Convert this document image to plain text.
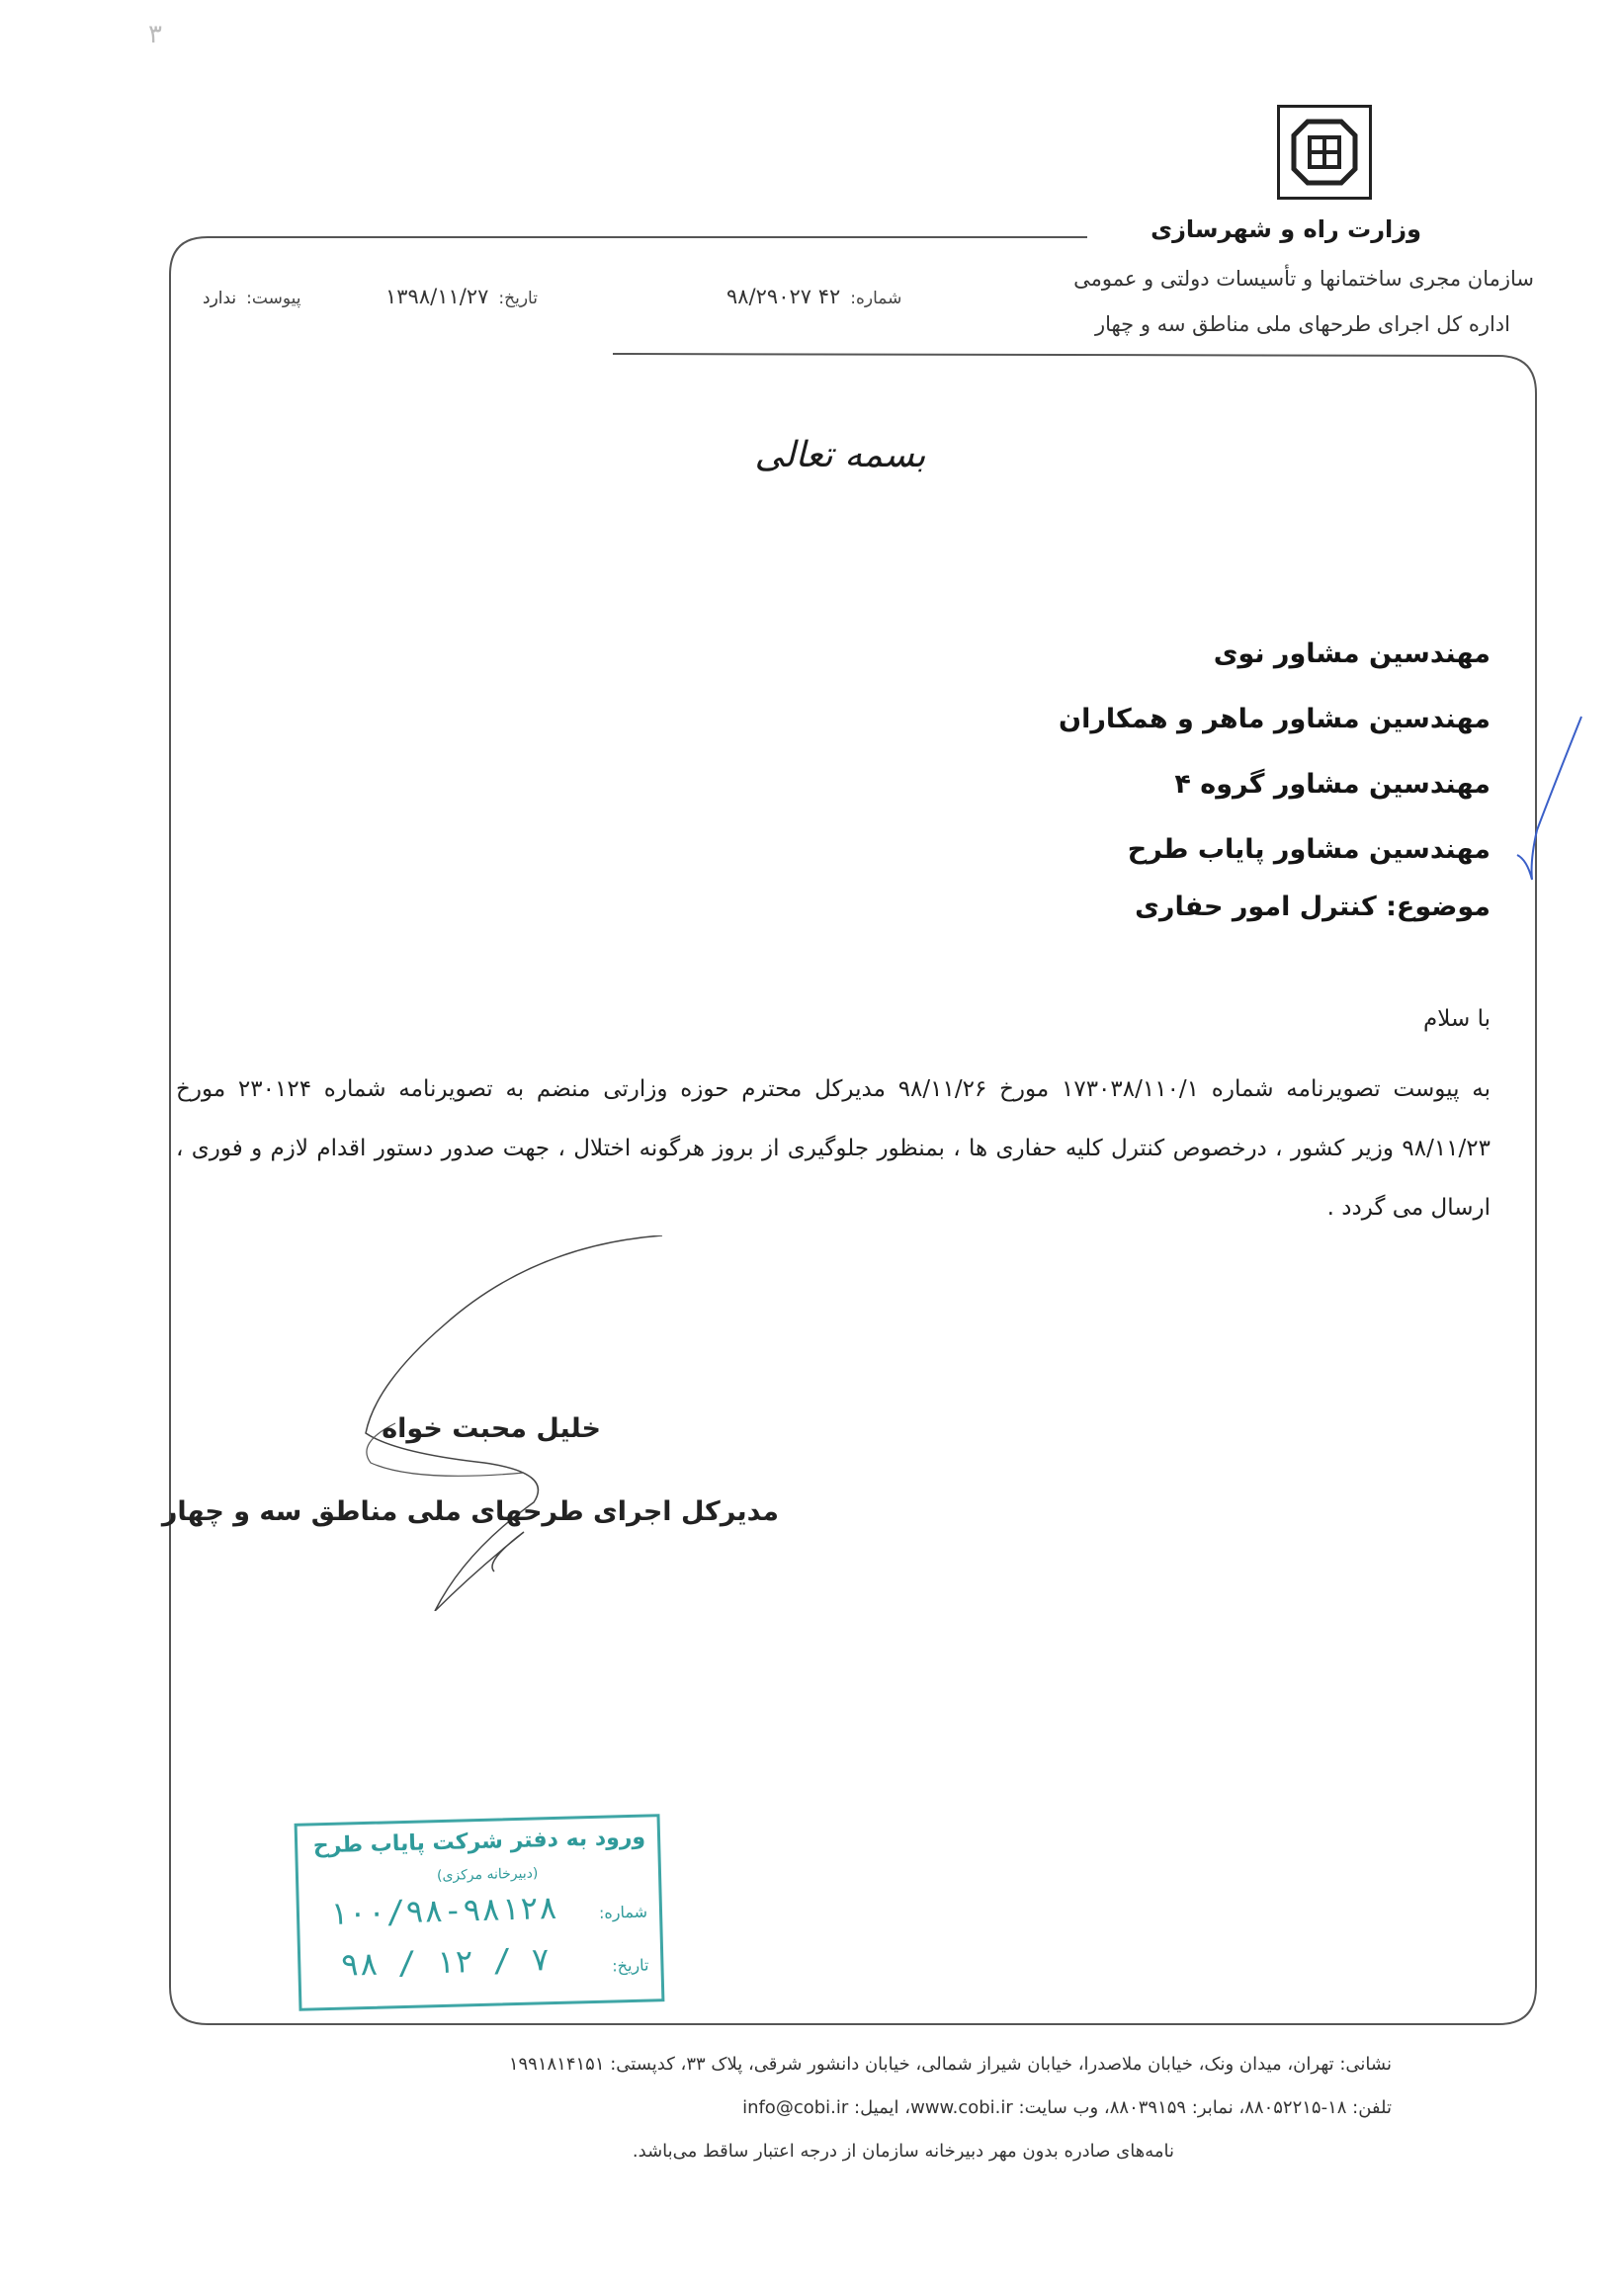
۳
وزارت راه و شهرسازی
سازمان مجری ساختمانها و تأسیسات دولتی و عمومی
اداره کل اجرای طرحهای ملی مناطق سه و چهار
شماره:۴۲ ۹۸/۲۹۰۲۷
تاریخ:۱۳۹۸/۱۱/۲۷
پیوست:ندارد
بسمه تعالی
مهندسین مشاور نوی
مهندسین مشاور ماهر و همکاران
مهندسین مشاور گروه ۴
مهندسین مشاور پایاب طرح
موضوع: کنترل امور حفاری
با سلام
به پیوست تصویرنامه شماره ۱۷۳۰۳۸/۱۱۰/۱ مورخ ۹۸/۱۱/۲۶ مدیرکل محترم حوزه وزارتی منضم به تصویرنامه شماره ۲۳۰۱۲۴ مورخ ۹۸/۱۱/۲۳ وزیر کشور ، درخصوص کنترل کلیه حفاری ها ، بمنظور جلوگیری از بروز هرگونه اختلال ، جهت صدور دستور اقدام لازم و فوری ، ارسال می گردد .
خلیل محبت خواه
مدیرکل اجرای طرحهای ملی مناطق سه و چهار
ورود به دفتر شرکت پایاب طرح
(دبیرخانه مرکزی)
۱۰۰/۹۸-۹۸۱۲۸	شماره:
۹۸ / ۱۲ / ۷	تاریخ:
نشانی: تهران، میدان ونک، خیابان ملاصدرا، خیابان شیراز شمالی، خیابان دانشور شرقی، پلاک ۳۳، کدپستی: ۱۹۹۱۸۱۴۱۵۱
تلفن: ۱۸-۸۸۰۵۲۲۱۵، نمابر: ۸۸۰۳۹۱۵۹، وب سایت: www.cobi.ir، ایمیل: info@cobi.ir
نامه‌های صادره بدون مهر دبیرخانه سازمان از درجه اعتبار ساقط می‌باشد.
